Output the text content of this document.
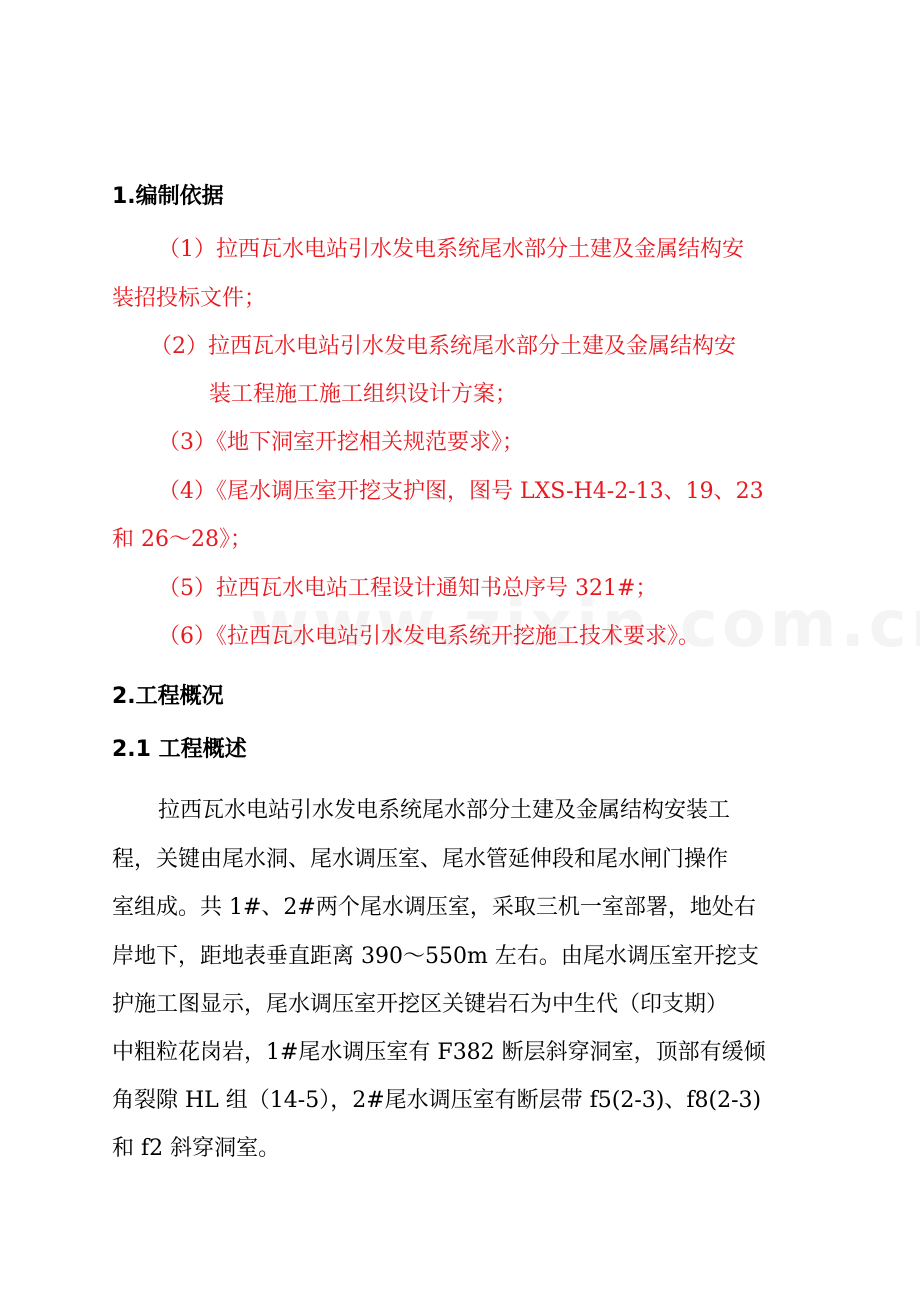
1.编制依据
（1）拉西瓦水电站引水发电系统尾水部分土建及金属结构安
装招投标文件；
（2）拉西瓦水电站引水发电系统尾水部分土建及金属结构安
装工程施工施工组织设计方案；
（3）《地下洞室开挖相关规范要求》；
（4）《尾水调压室开挖支护图，图号 LXS-H4-2-13、19、23
和 26～28》；
（5）拉西瓦水电站工程设计通知书总序号 321#；
（6）《拉西瓦水电站引水发电系统开挖施工技术要求》。
2.工程概况
2.1 工程概述
拉西瓦水电站引水发电系统尾水部分土建及金属结构安装工
程，关键由尾水洞、尾水调压室、尾水管延伸段和尾水闸门操作
室组成。共 1#、2#两个尾水调压室，采取三机一室部署，地处右
岸地下，距地表垂直距离 390～550m 左右。由尾水调压室开挖支
护施工图显示，尾水调压室开挖区关键岩石为中生代（印支期）
中粗粒花岗岩，1#尾水调压室有 F382 断层斜穿洞室，顶部有缓倾
角裂隙 HL 组（14-5），2#尾水调压室有断层带 f5(2-3)、f8(2-3)
和 f2 斜穿洞室。
